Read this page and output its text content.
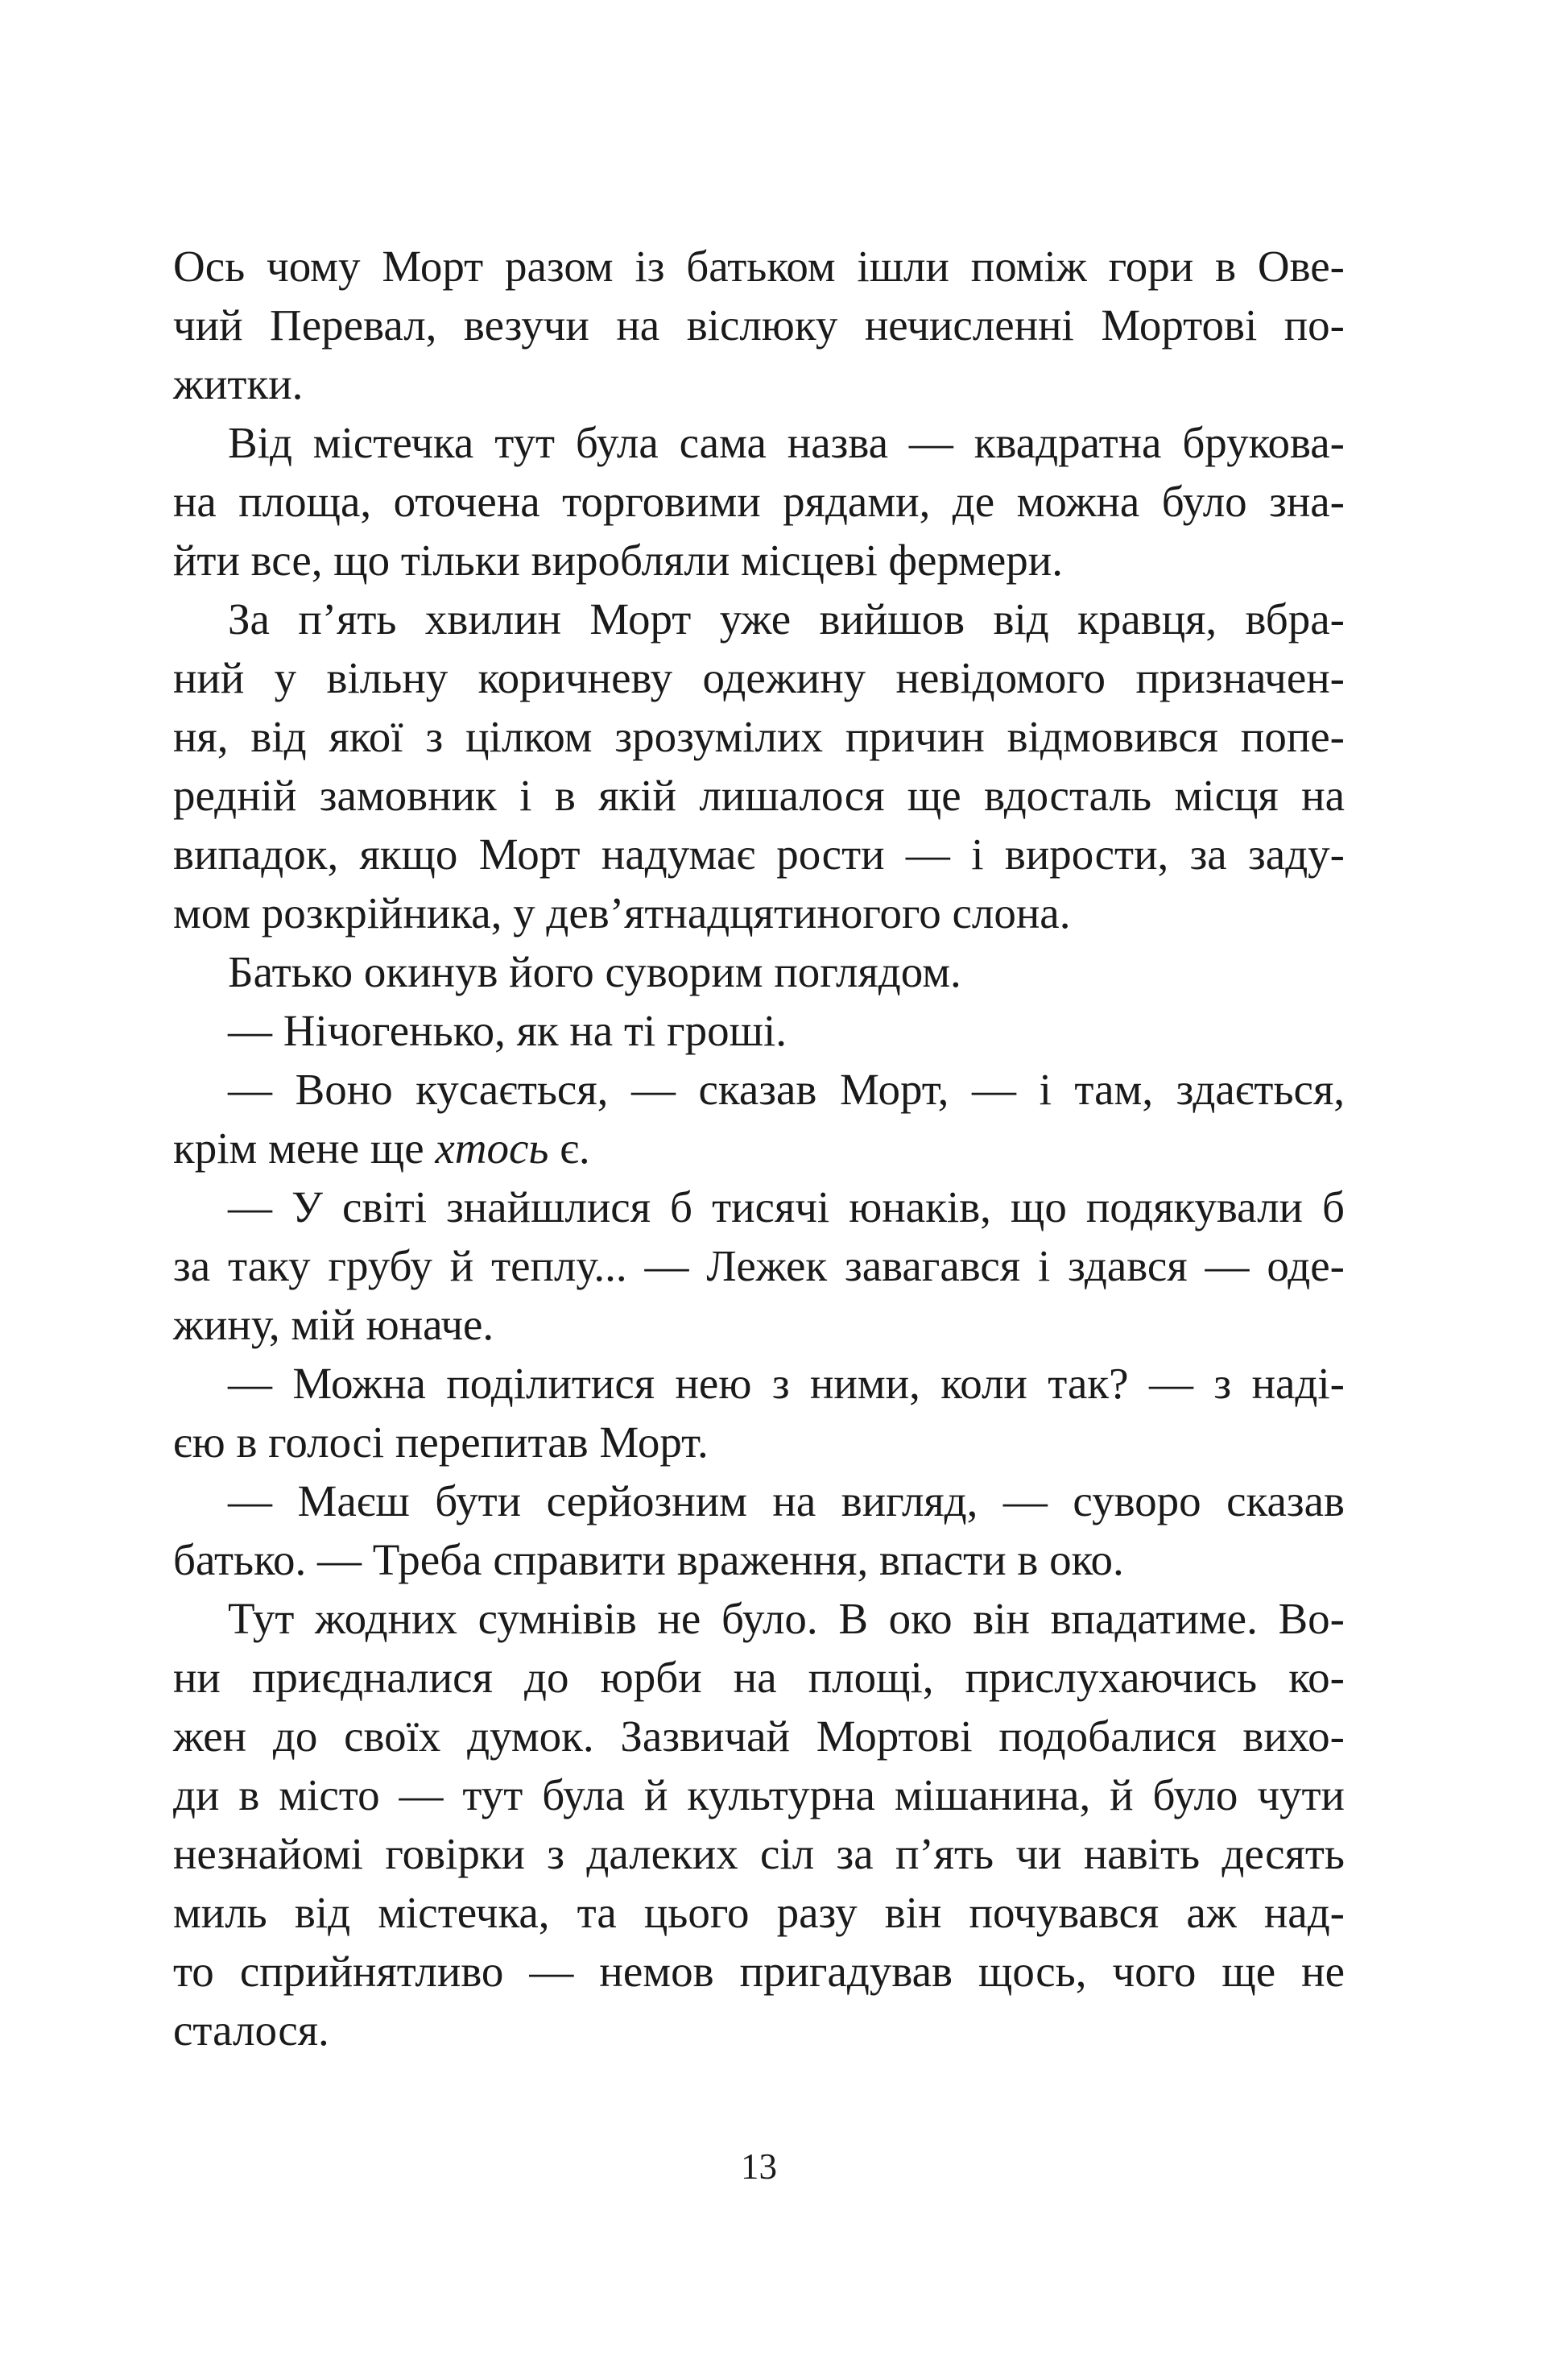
Ось чому Морт разом із батьком ішли поміж гори в Ове-
чий Перевал, везучи на віслюку нечисленні Мортові по-
житки.
Від містечка тут була сама назва — квадратна брукова-
на площа, оточена торговими рядами, де можна було зна-
йти все, що тільки виробляли місцеві фермери.
За п’ять хвилин Морт уже вийшов від кравця, вбра-
ний у вільну коричневу одежину невідомого призначен-
ня, від якої з цілком зрозумілих причин відмовився попе-
редній замовник і в якій лишалося ще вдосталь місця на
випадок, якщо Морт надумає рости — і вирости, за заду-
мом розкрійника, у дев’ятнадцятиногого слона.
Батько окинув його суворим поглядом.
— Нічогенько, як на ті гроші.
— Воно кусається, — сказав Морт, — і там, здається,
крім мене ще хтось є.
— У світі знайшлися б тисячі юнаків, що подякували б
за таку грубу й теплу... — Лежек завагався і здався — оде-
жину, мій юначе.
— Можна поділитися нею з ними, коли так? — з наді-
єю в голосі перепитав Морт.
— Маєш бути серйозним на вигляд, — суворо сказав
батько. — Треба справити враження, впасти в око.
Тут жодних сумнівів не було. В око він впадатиме. Во-
ни приєдналися до юрби на площі, прислухаючись ко-
жен до своїх думок. Зазвичай Мортові подобалися вихо-
ди в місто — тут була й культурна мішанина, й було чути
незнайомі говірки з далеких сіл за п’ять чи навіть десять
миль від містечка, та цього разу він почувався аж над-
то сприйнятливо — немов пригадував щось, чого ще не
сталося.
13
